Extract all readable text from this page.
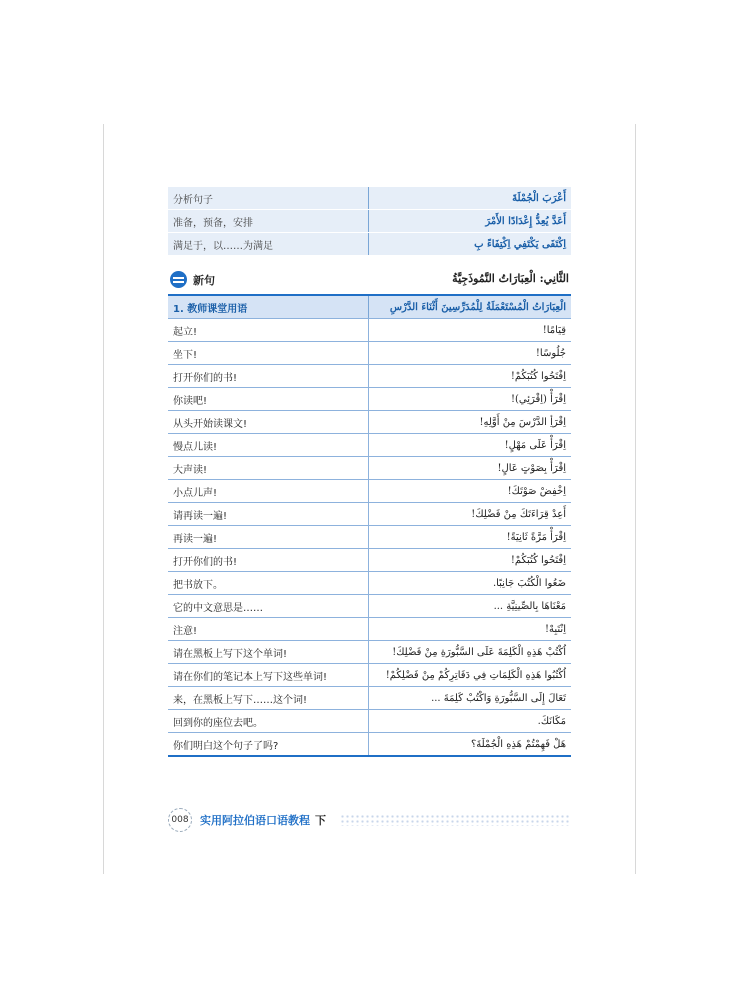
分析句子	أَعْرَبَ الْجُمْلَةَ
准备，预备，安排	أَعَدَّ يُعِدُّ إِعْدَادًا الأَمْرَ
满足于，以……为满足	اِكْتَفَى يَكْتَفِي اِكْتِفَاءً بِ
新句	الثَّانِي: الْعِبَارَاتُ النَّمُوذَجِيَّةُ
1. 教师课堂用语	الْعِبَارَاتُ الْمُسْتَعْمَلَةُ لِلْمُدَرِّسِينَ أَثْنَاءَ الدَّرْسِ
起立!	قِيَامًا!
坐下!	جُلُوسًا!
打开你们的书!	اِفْتَحُوا كُتُبَكُمْ!
你读吧!	اِقْرَأْ (اِقْرَئِي)!
从头开始读课文!	اِقْرَأِ الدَّرْسَ مِنْ أَوَّلِهِ!
慢点儿读!	اِقْرَأْ عَلَى مَهْلٍ!
大声读!	اِقْرَأْ بِصَوْتٍ عَالٍ!
小点儿声!	اِخْفِضْ صَوْتَكَ!
请再读一遍!	أَعِدْ قِرَاءَتَكَ مِنْ فَضْلِكَ!
再读一遍!	اِقْرَأْ مَرَّةً ثَانِيَةً!
打开你们的书!	اِفْتَحُوا كُتُبَكُمْ!
把书放下。	ضَعُوا الْكُتُبَ جَانِبًا.
它的中文意思是……	مَعْنَاهَا بِالصِّينِيَّةِ ...
注意!	اِنْتَبِهْ!
请在黑板上写下这个单词!	اُكْتُبْ هَذِهِ الْكَلِمَةَ عَلَى السَّبُّورَةِ مِنْ فَضْلِكَ!
请在你们的笔记本上写下这些单词!	اُكْتُبُوا هَذِهِ الْكَلِمَاتِ فِي دَفَاتِرِكُمْ مِنْ فَضْلِكُمْ!
来，在黑板上写下……这个词!	تَعَالَ إِلَى السَّبُّورَةِ وَاكْتُبْ كَلِمَةَ ...
回到你的座位去吧。	مَكَانَكَ.
你们明白这个句子了吗?	هَلْ فَهِمْتُمْ هَذِهِ الْجُمْلَةَ؟
008	实用阿拉伯语口语教程 下
